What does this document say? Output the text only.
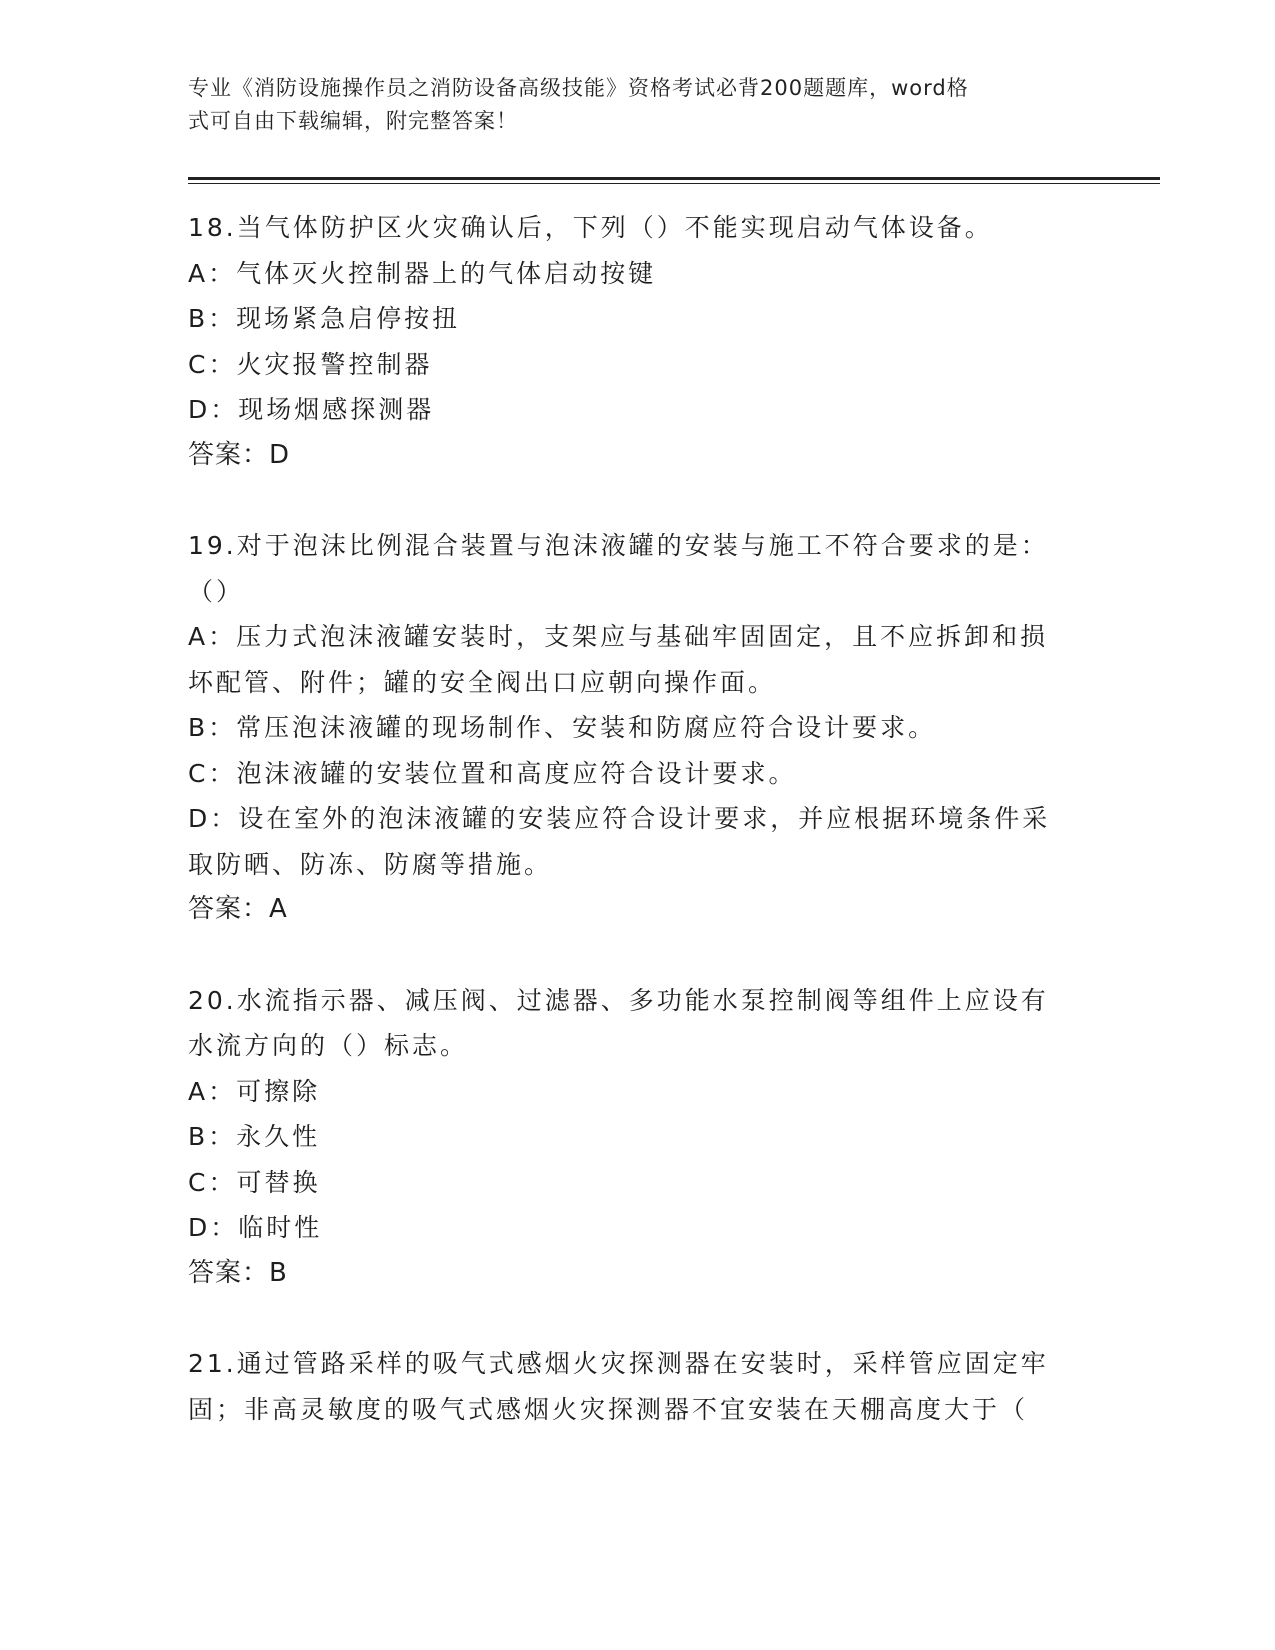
专业《消防设施操作员之消防设备高级技能》资格考试必背200题题库，word格
式可自由下载编辑，附完整答案！
18.当气体防护区火灾确认后，下列（）不能实现启动气体设备。
A：气体灭火控制器上的气体启动按键
B：现场紧急启停按扭
C：火灾报警控制器
D：现场烟感探测器
答案：D
19.对于泡沫比例混合装置与泡沫液罐的安装与施工不符合要求的是：
（）
A：压力式泡沫液罐安装时，支架应与基础牢固固定，且不应拆卸和损
坏配管、附件；罐的安全阀出口应朝向操作面。
B：常压泡沫液罐的现场制作、安装和防腐应符合设计要求。
C：泡沫液罐的安装位置和高度应符合设计要求。
D：设在室外的泡沫液罐的安装应符合设计要求，并应根据环境条件采
取防晒、防冻、防腐等措施。
答案：A
20.水流指示器、减压阀、过滤器、多功能水泵控制阀等组件上应设有
水流方向的（）标志。
A：可擦除
B：永久性
C：可替换
D：临时性
答案：B
21.通过管路采样的吸气式感烟火灾探测器在安装时，采样管应固定牢
固；非高灵敏度的吸气式感烟火灾探测器不宜安装在天棚高度大于（
